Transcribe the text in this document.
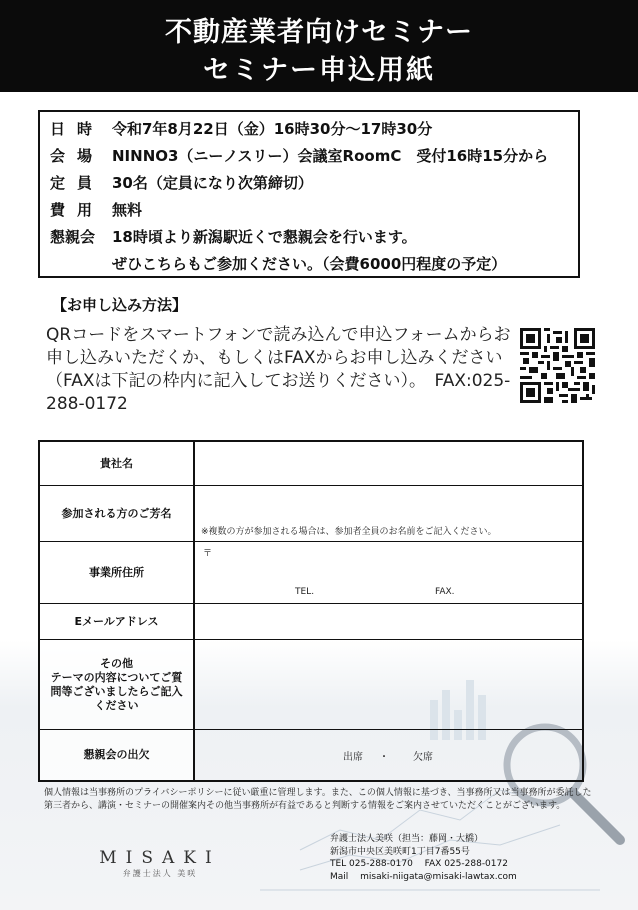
不動産業者向けセミナー
セミナー申込用紙
日時 令和7年8月22日（金）16時30分～17時30分
会場 NINNO3（ニーノスリー）会議室RoomC　受付16時15分から
定員 30名（定員になり次第締切）
費用 無料
懇親会 18時頃より新潟駅近くで懇親会を行います。
ぜひこちらもご参加ください。（会費6000円程度の予定）
【お申し込み方法】
QRコードをスマートフォンで読み込んで申込フォームからお申し込みいただくか、もしくはFAXからお申し込みください（FAXは下記の枠内に記入してお送りください）。　FAX:025-288-0172
貴社名
参加される方のご芳名
※複数の方が参加される場合は、参加者全員のお名前をご記入ください。
事業所住所
〒
TEL.	FAX.
Eメールアドレス
その他
テーマの内容についてご質問等ございましたらご記入ください
懇親会の出欠	出席 ・ 欠席
個人情報は当事務所のプライバシーポリシーに従い厳重に管理します。また、この個人情報に基づき、当事務所又は当事務所が委託した第三者から、講演・セミナーの開催案内その他当事務所が有益であると判断する情報をご案内させていただくことがございます。
MISAKI
弁護士法人 美咲
弁護士法人美咲（担当：藤岡・大橋）
新潟市中央区美咲町1丁目7番55号
TEL 025-288-0170　 FAX 025-288-0172
Mail　 misaki-niigata@misaki-lawtax.com
